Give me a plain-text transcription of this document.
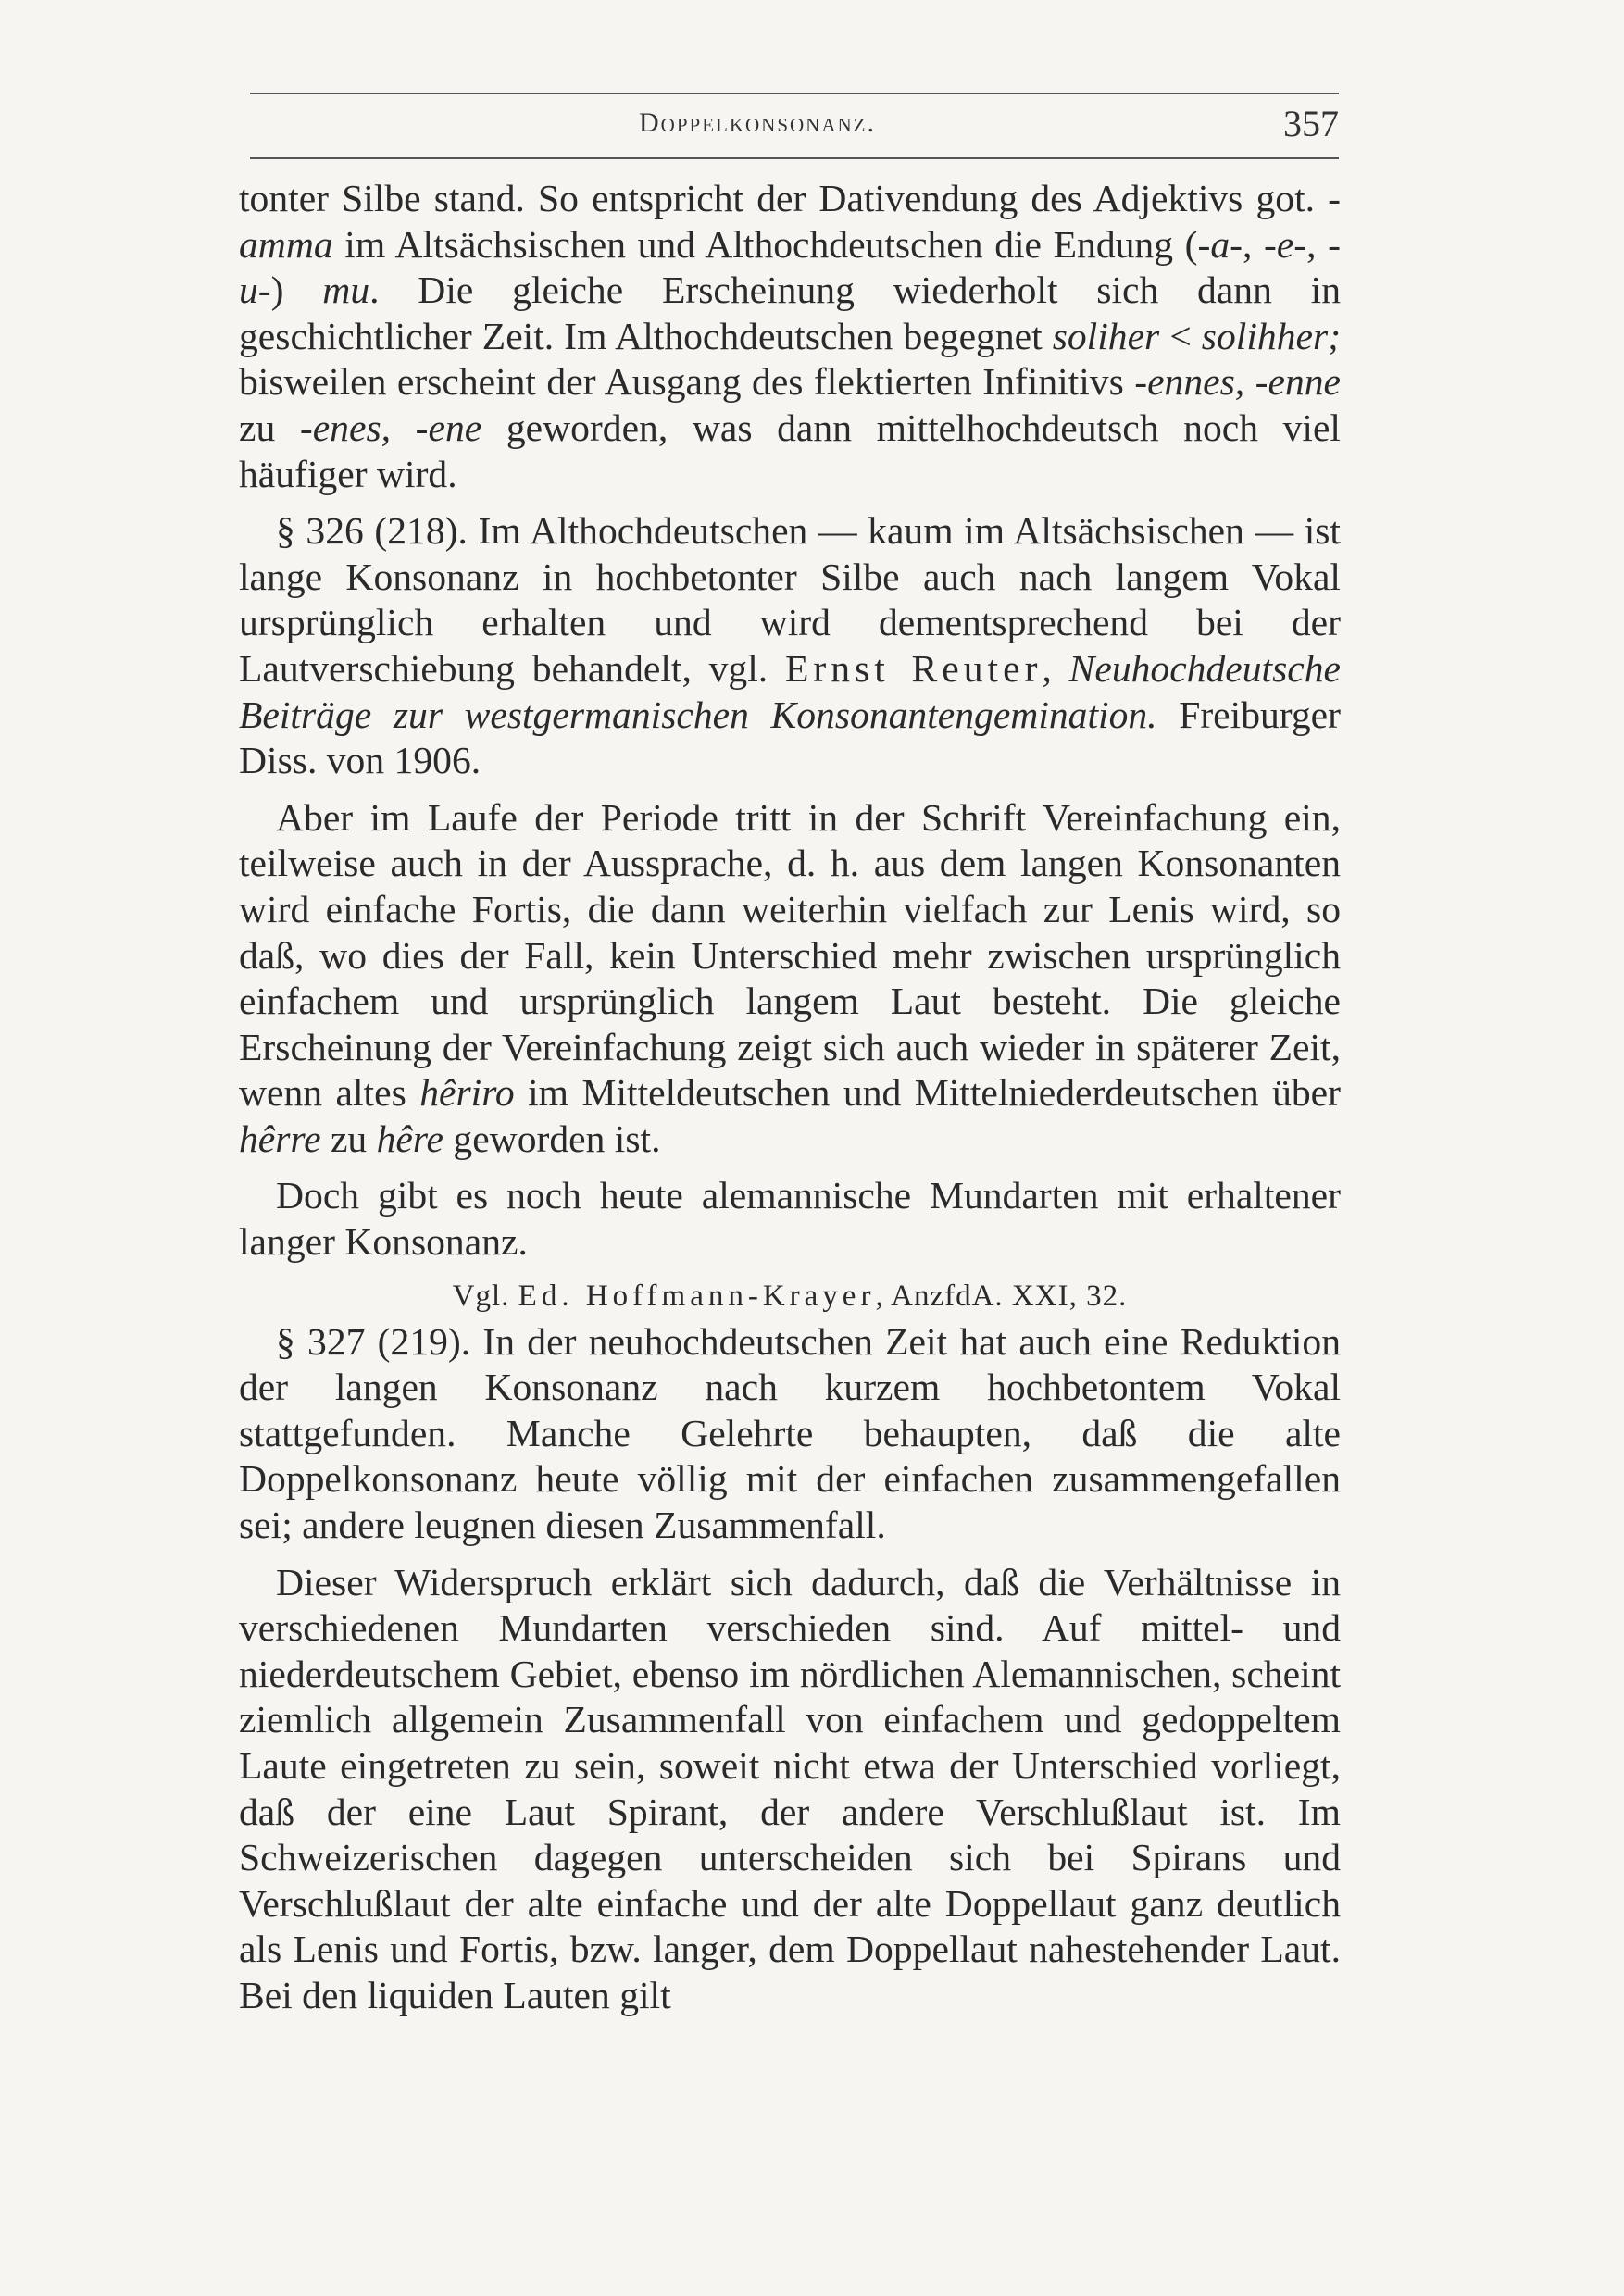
Doppelkonsonanz.	357

tonter Silbe stand. So entspricht der Dativendung des Adjektivs got. -amma im Altsächsischen und Althochdeutschen die Endung (-a-, -e-, -u-) mu. Die gleiche Erscheinung wiederholt sich dann in geschichtlicher Zeit. Im Althochdeutschen begegnet soliher < solihher; bisweilen erscheint der Ausgang des flektierten Infinitivs -ennes, -enne zu -enes, -ene geworden, was dann mittelhochdeutsch noch viel häufiger wird.

§ 326 (218). Im Althochdeutschen — kaum im Altsächsischen — ist lange Konsonanz in hochbetonter Silbe auch nach langem Vokal ursprünglich erhalten und wird dementsprechend bei der Lautverschiebung behandelt, vgl. Ernst Reuter, Neuhochdeutsche Beiträge zur westgermanischen Konsonantengemination. Freiburger Diss. von 1906.

Aber im Laufe der Periode tritt in der Schrift Vereinfachung ein, teilweise auch in der Aussprache, d. h. aus dem langen Konsonanten wird einfache Fortis, die dann weiterhin vielfach zur Lenis wird, so daß, wo dies der Fall, kein Unterschied mehr zwischen ursprünglich einfachem und ursprünglich langem Laut besteht. Die gleiche Erscheinung der Vereinfachung zeigt sich auch wieder in späterer Zeit, wenn altes hêriro im Mitteldeutschen und Mittelniederdeutschen über hêrre zu hêre geworden ist.

Doch gibt es noch heute alemannische Mundarten mit erhaltener langer Konsonanz.

Vgl. Ed. Hoffmann-Krayer, AnzfdA. XXI, 32.

§ 327 (219). In der neuhochdeutschen Zeit hat auch eine Reduktion der langen Konsonanz nach kurzem hochbetontem Vokal stattgefunden. Manche Gelehrte behaupten, daß die alte Doppelkonsonanz heute völlig mit der einfachen zusammengefallen sei; andere leugnen diesen Zusammenfall.

Dieser Widerspruch erklärt sich dadurch, daß die Verhältnisse in verschiedenen Mundarten verschieden sind. Auf mittel- und niederdeutschem Gebiet, ebenso im nördlichen Alemannischen, scheint ziemlich allgemein Zusammenfall von einfachem und gedoppeltem Laute eingetreten zu sein, soweit nicht etwa der Unterschied vorliegt, daß der eine Laut Spirant, der andere Verschlußlaut ist. Im Schweizerischen dagegen unterscheiden sich bei Spirans und Verschlußlaut der alte einfache und der alte Doppellaut ganz deutlich als Lenis und Fortis, bzw. langer, dem Doppellaut nahestehender Laut. Bei den liquiden Lauten gilt
